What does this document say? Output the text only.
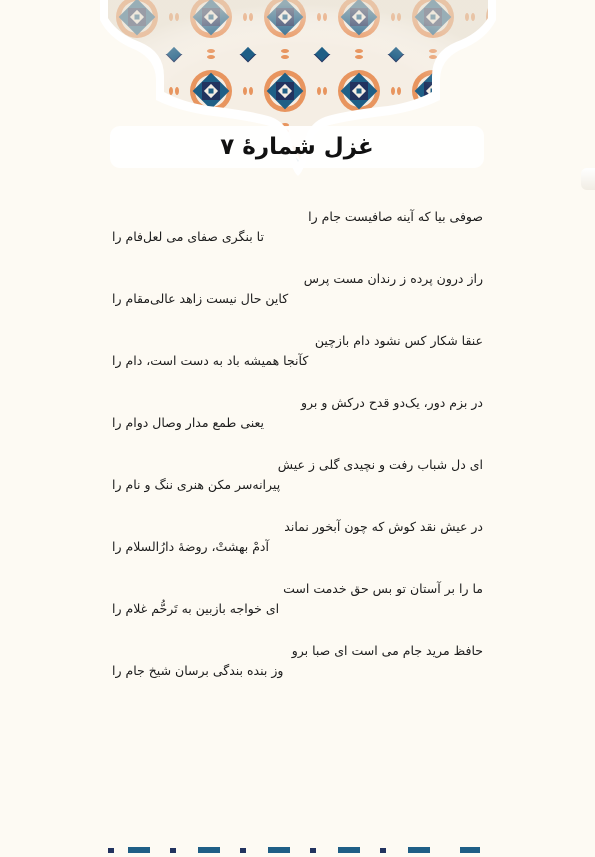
غزل شمارهٔ ۷
صوفی بیا که آینه صافیست جام را
تا بنگری صفای می لعل‌فام را
راز درون پرده ز رندان مست پرس
کاین حال نیست زاهد عالی‌مقام را
عنقا شکار کس نشود دام بازچین
کآنجا همیشه باد به دست است، دام را
در بزم دور، یک‌دو قدح درکش و برو
یعنی طمع مدار وصال دوام را
ای دل شباب رفت و نچیدی گلی ز عیش
پیرانه‌سر مکن هنری ننگ و نام را
در عیش نقد کوش که چون آبخور نماند
آدمْ بهشتْ، روضهٔ دارُالسلام را
ما را بر آستان تو بس حق خدمت است
ای خواجه بازبین به تَرحُّم غلام را
حافظ مرید جام می است ای صبا برو
وز بنده بندگی برسان شیخ جام را
